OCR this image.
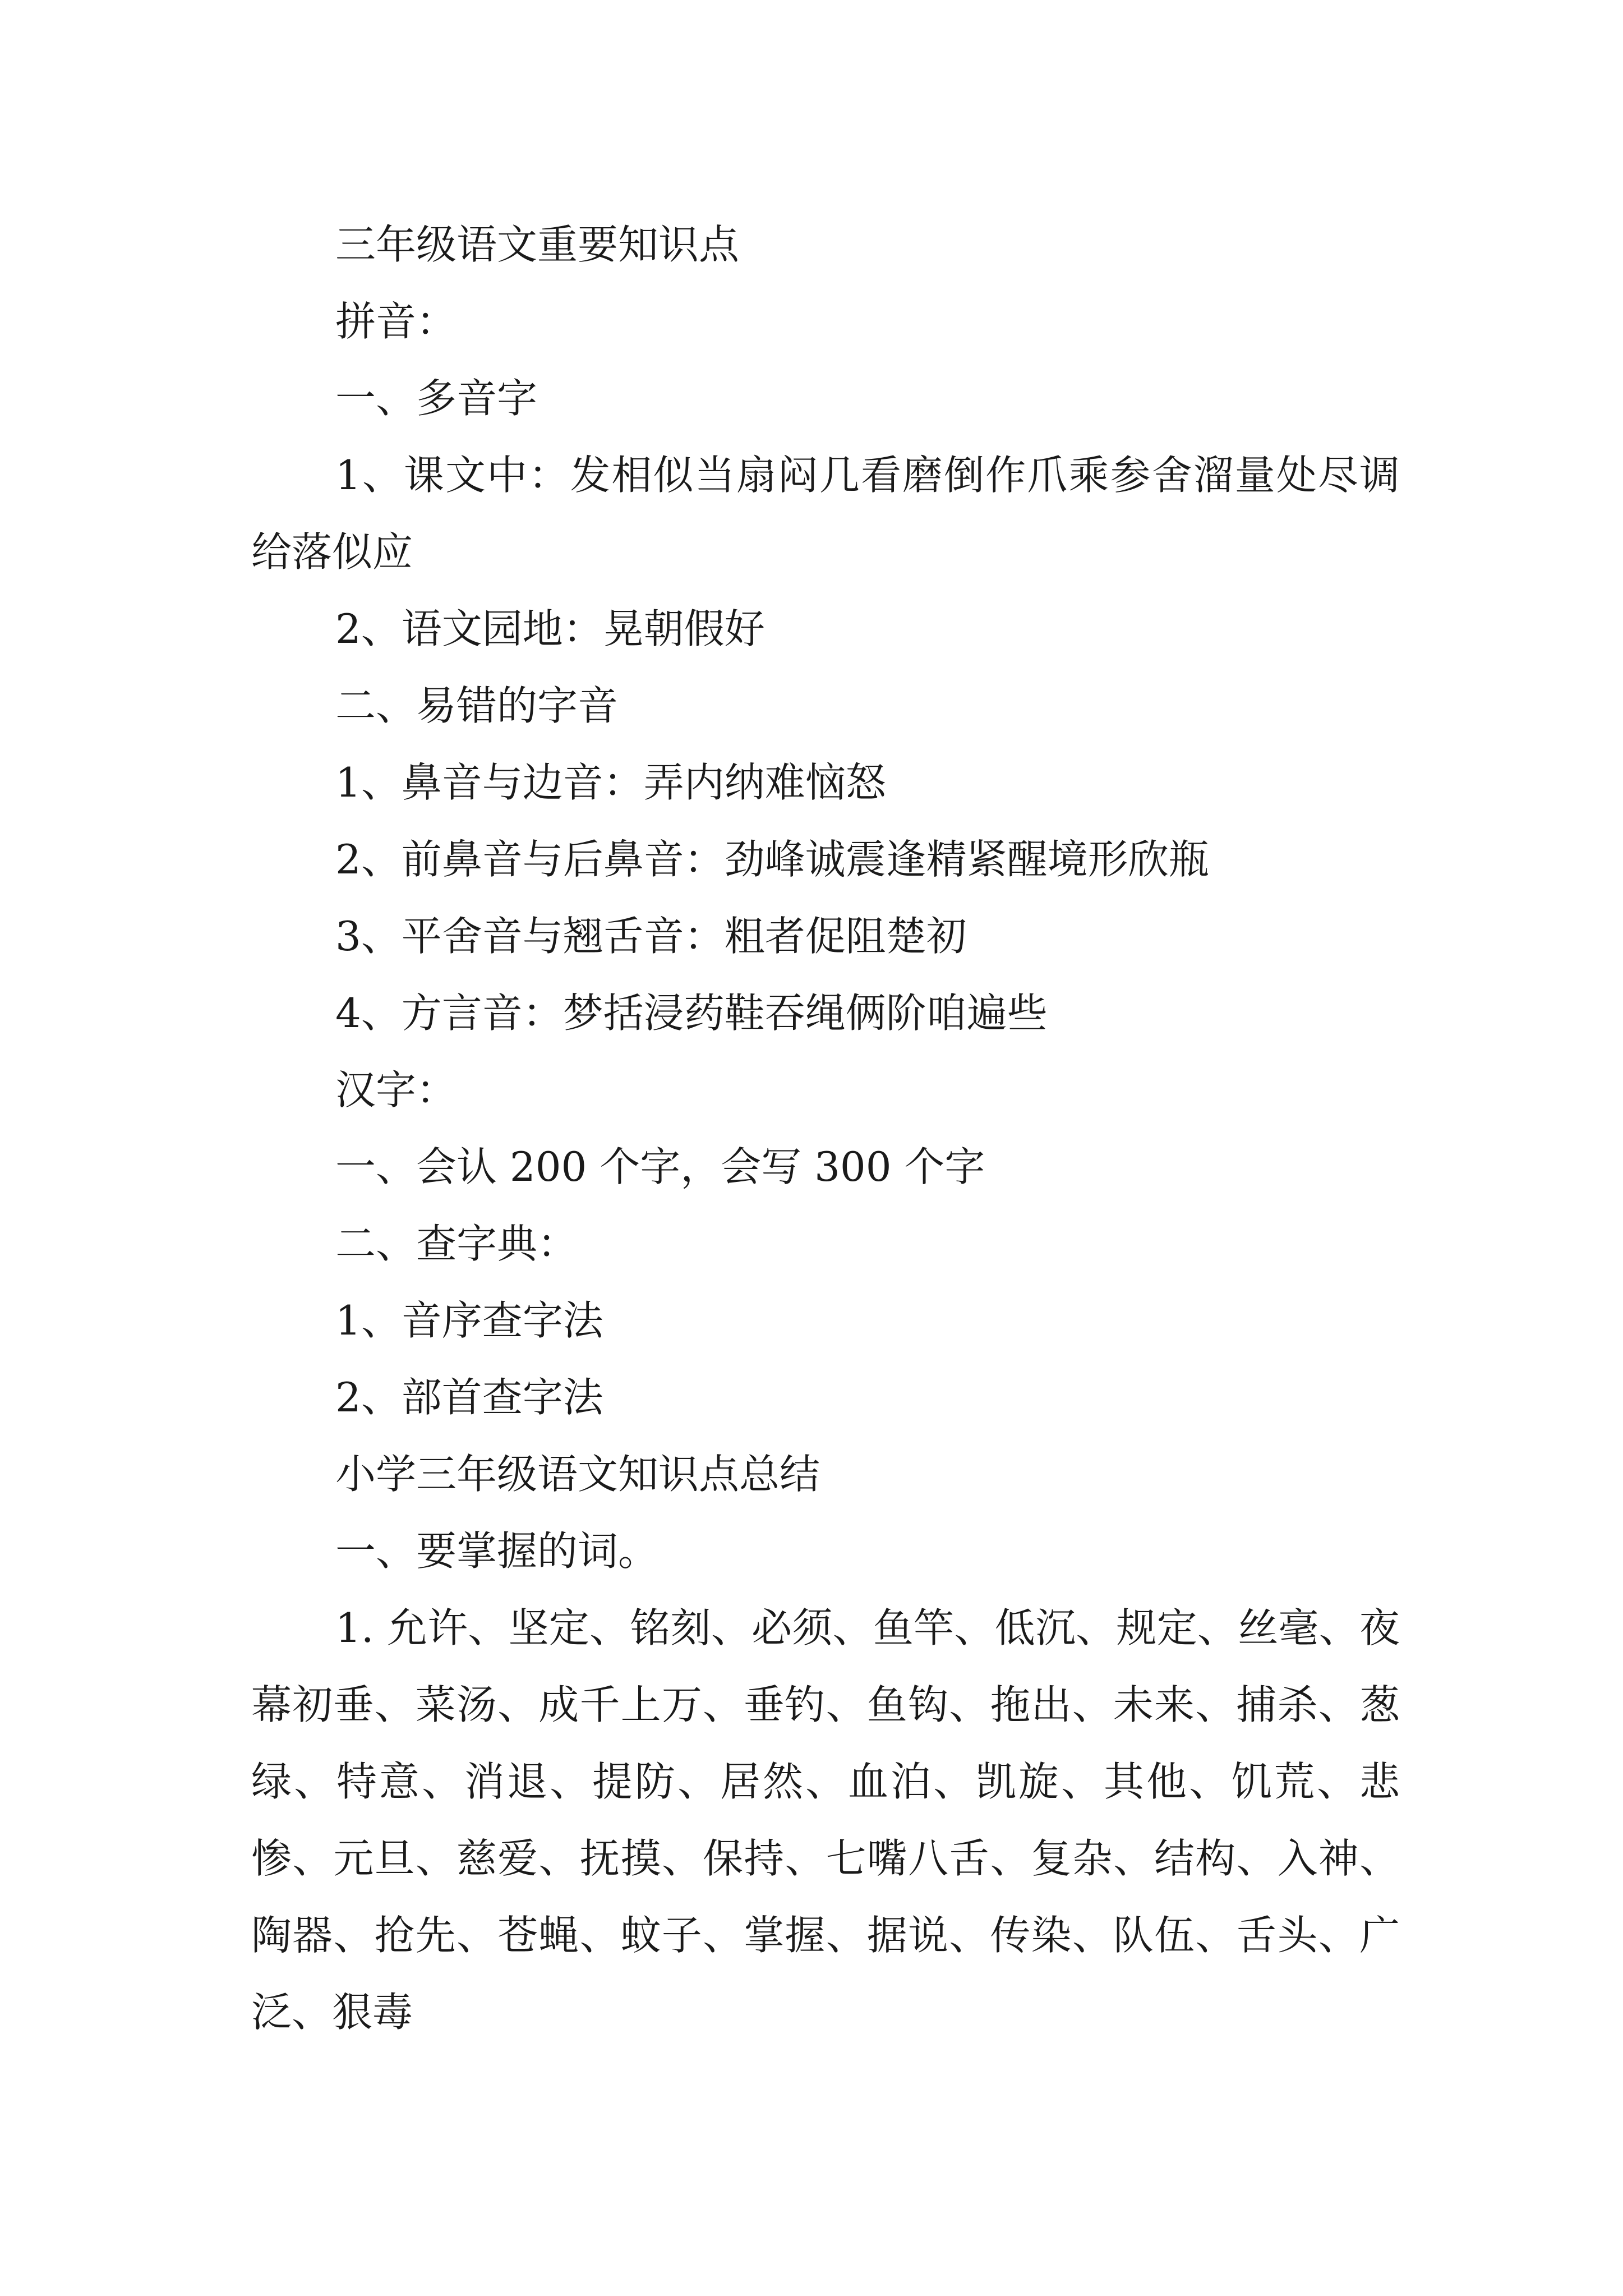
三年级语文重要知识点

拼音：

一、多音字

1、课文中：发相似当扇闷几看磨倒作爪乘参舍溜量处尽调给落似应

2、语文园地：晃朝假好

二、易错的字音

1、鼻音与边音：弄内纳难恼怒

2、前鼻音与后鼻音：劲峰诚震逢精紧醒境形欣瓶

3、平舍音与翘舌音：粗者促阻楚初

4、方言音：梦括浸药鞋吞绳俩阶咱遍些

汉字：

一、会认 200 个字，会写 300 个字

二、查字典：

1、音序查字法

2、部首查字法

小学三年级语文知识点总结

一、要掌握的词。

1. 允许、坚定、铭刻、必须、鱼竿、低沉、规定、丝毫、夜幕初垂、菜汤、成千上万、垂钓、鱼钩、拖出、未来、捕杀、葱绿、特意、消退、提防、居然、血泊、凯旋、其他、饥荒、悲惨、元旦、慈爱、抚摸、保持、七嘴八舌、复杂、结构、入神、陶器、抢先、苍蝇、蚊子、掌握、据说、传染、队伍、舌头、广泛、狠毒
